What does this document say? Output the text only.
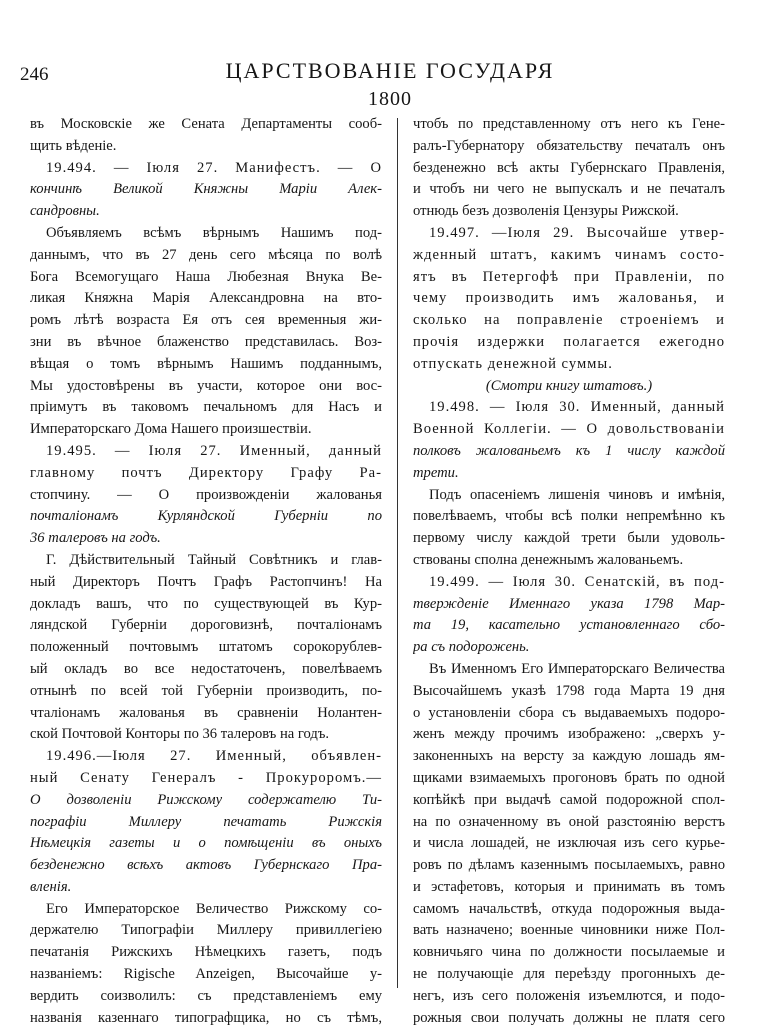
246	ЦАРСТВОВАНІЕ ГОСУДАРЯ
1800
въ Московскіе же Сената Департаменты сооб-
щить вѣденіе.
19.494. — Іюля 27. Манифестъ. — О
кончинѣ Великой Княжны Маріи Алек-
сандровны.
Объявляемъ всѣмъ вѣрнымъ Нашимъ под-
даннымъ, что въ 27 день сего мѣсяца по волѣ
Бога Всемогущаго Нашa Любезная Внука Ве-
ликая Княжна Марія Александровна на вто-
ромъ лѣтѣ возраста Ея отъ сея временныя жи-
зни въ вѣчное блаженство представилась. Воз-
вѣщая о томъ вѣрнымъ Нашимъ подданнымъ,
Мы удостовѣрены въ участи, которое они вос-
пріимутъ въ таковомъ печальномъ для Насъ и
Императорскаго Дома Нашего произшествіи.
19.495. — Іюля 27. Именный, данный
главному почтъ Директору Графу Ра-
стопчину. — О произвожденіи жалованья
почталіонамъ Курляндской Губерніи по
36 талеровъ на годъ.
Г. Дѣйствительный Тайный Совѣтникъ и глав-
ный Директоръ Почтъ Графъ Растопчинъ! На
докладъ вашъ, что по существующей въ Кур-
ляндской Губерніи дороговизнѣ, почталіонамъ
положенный почтовымъ штатомъ сорокорублев-
ый окладъ во все недостаточенъ, повелѣваемъ
отнынѣ по всей той Губерніи производить, по-
чталіонамъ жалованья въ сравненіи Нолантен-
ской Почтовой Конторы по 36 талеровъ на годъ.
19.496.—Іюля 27. Именный, объявлен-
ный Сенату Генералъ - Прокуроромъ.—
О дозволеніи Рижскому содержателю Ти-
пографіи Миллеру печатать Рижскія
Нѣмецкія газеты и о помѣщеніи въ оныхъ
безденежно всѣхъ актовъ Губернскаго Пра-
вленія.
Его Императорское Величество Рижскому со-
держателю Типографіи Миллеру привиллегіею
печатанія Рижскихъ Нѣмецкихъ газетъ, подъ
названіемъ: Rigische Anzeigen, Высочайше у-
вердить соизволилъ: съ представленіемъ ему
названія казеннаго типографщика, но съ тѣмъ,
чтобъ по представленному отъ него къ Гене-
ралъ-Губернатору обязательству печаталъ онъ
безденежно всѣ акты Губернскаго Правленія,
и чтобъ ни чего не выпускалъ и не печаталъ
отнюдь безъ дозволенія Цензуры Рижской.
19.497. —Іюля 29. Высочайше утвер-
жденный штатъ, какимъ чинамъ состо-
ятъ въ Петергофѣ при Правленіи, по
чему производить имъ жалованья, и
сколько на поправленіе строеніемъ и
прочія издержки полагается ежегодно
отпускать денежной суммы.
(Смотри книгу штатовъ.)
19.498. — Іюля 30. Именный, данный
Военной Коллегіи. — О довольствованіи
полковъ жалованьемъ къ 1 числу каждой
трети.
Подъ опасеніемъ лишенія чиновъ и имѣнія,
повелѣваемъ, чтобы всѣ полки непремѣнно къ
первому числу каждой трети были удоволь-
ствованы сполна денежнымъ жалованьемъ.
19.499. — Іюля 30. Сенатскій, въ под-
твержденіе Именнаго указа 1798 Мар-
та 19, касательно установленнаго сбо-
ра съ подорожень.
Въ Именномъ Его Императорскаго Величества
Высочайшемъ указѣ 1798 года Марта 19 дня
о установленіи сбора съ выдаваемыхъ подоро-
женъ между прочимъ изображено: „сверхъ у-
законенныхъ на версту за каждую лошадь ям-
щиками взимаемыхъ прогоновъ брать по одной
копѣйкѣ при выдачѣ самой подорожной спол-
на по означенному въ оной разстоянію верстъ
и числа лошадей, не изключая изъ сего курье-
ровъ по дѣламъ казеннымъ посылаемыхъ, равно
и эстафетовъ, которыя и принимать въ томъ
самомъ начальствѣ, откуда подорожныя выда-
вать назначено; военные чиновники ниже Пол-
ковничьяго чина по должности посылаемые и
не получающіе для переѣзду прогонныхъ де-
негъ, изъ сего положенія изъемлются, и подо-
рожныя свои получать должны не платя сего
